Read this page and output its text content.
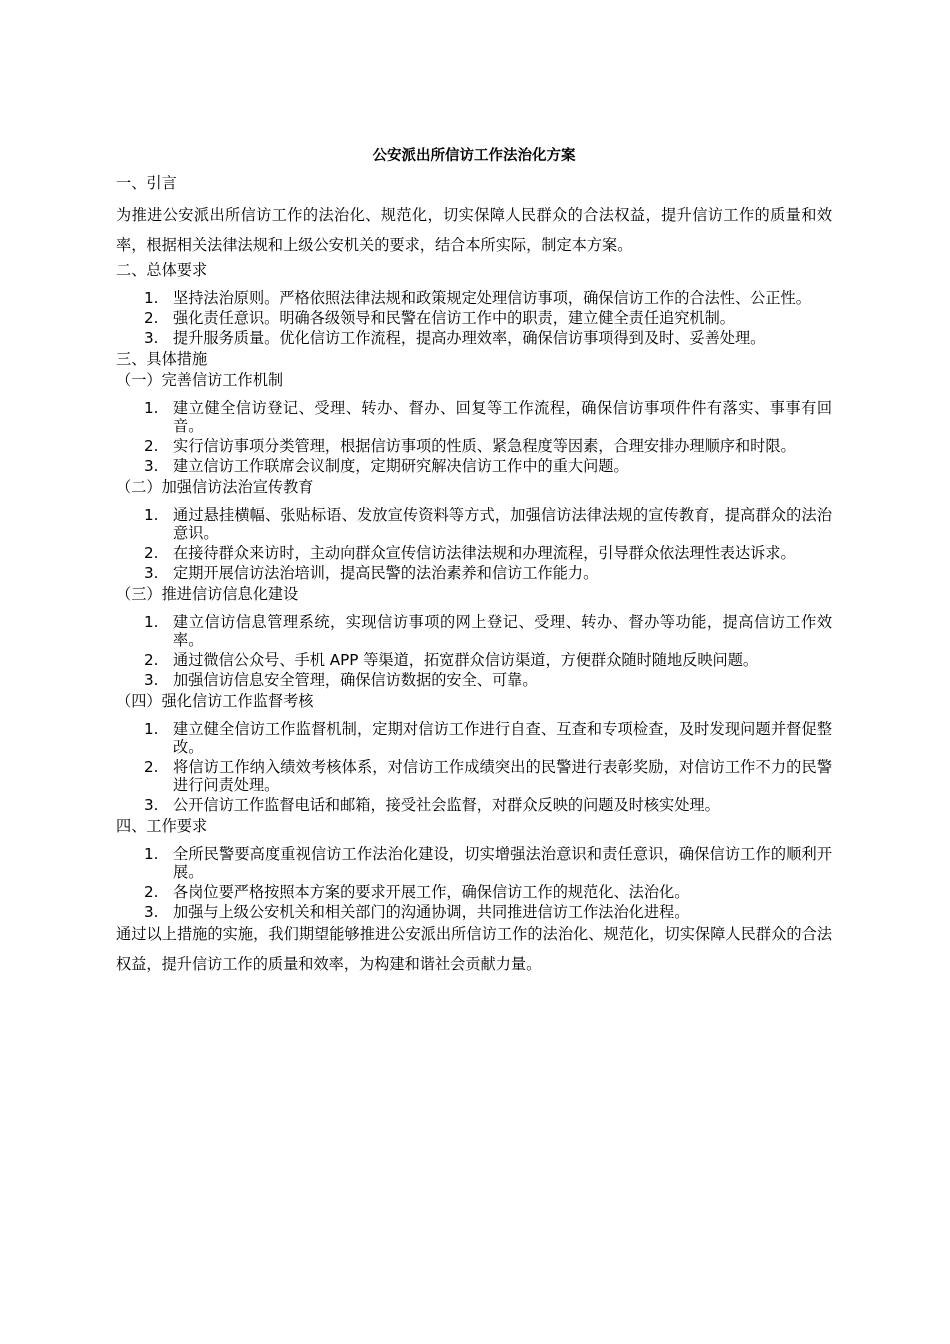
公安派出所信访工作法治化方案
一、引言

为推进公安派出所信访工作的法治化、规范化，切实保障人民群众的合法权益，提升信访工作的质量和效率，根据相关法律法规和上级公安机关的要求，结合本所实际，制定本方案。

二、总体要求
1. 坚持法治原则。严格依照法律法规和政策规定处理信访事项，确保信访工作的合法性、公正性。
2. 强化责任意识。明确各级领导和民警在信访工作中的职责，建立健全责任追究机制。
3. 提升服务质量。优化信访工作流程，提高办理效率，确保信访事项得到及时、妥善处理。
三、具体措施
（一）完善信访工作机制
1. 建立健全信访登记、受理、转办、督办、回复等工作流程，确保信访事项件件有落实、事事有回音。
2. 实行信访事项分类管理，根据信访事项的性质、紧急程度等因素，合理安排办理顺序和时限。
3. 建立信访工作联席会议制度，定期研究解决信访工作中的重大问题。
（二）加强信访法治宣传教育
1. 通过悬挂横幅、张贴标语、发放宣传资料等方式，加强信访法律法规的宣传教育，提高群众的法治意识。
2. 在接待群众来访时，主动向群众宣传信访法律法规和办理流程，引导群众依法理性表达诉求。
3. 定期开展信访法治培训，提高民警的法治素养和信访工作能力。
（三）推进信访信息化建设
1. 建立信访信息管理系统，实现信访事项的网上登记、受理、转办、督办等功能，提高信访工作效率。
2. 通过微信公众号、手机 APP 等渠道，拓宽群众信访渠道，方便群众随时随地反映问题。
3. 加强信访信息安全管理，确保信访数据的安全、可靠。
（四）强化信访工作监督考核
1. 建立健全信访工作监督机制，定期对信访工作进行自查、互查和专项检查，及时发现问题并督促整改。
2. 将信访工作纳入绩效考核体系，对信访工作成绩突出的民警进行表彰奖励，对信访工作不力的民警进行问责处理。
3. 公开信访工作监督电话和邮箱，接受社会监督，对群众反映的问题及时核实处理。
四、工作要求
1. 全所民警要高度重视信访工作法治化建设，切实增强法治意识和责任意识，确保信访工作的顺利开展。
2. 各岗位要严格按照本方案的要求开展工作，确保信访工作的规范化、法治化。
3. 加强与上级公安机关和相关部门的沟通协调，共同推进信访工作法治化进程。

通过以上措施的实施，我们期望能够推进公安派出所信访工作的法治化、规范化，切实保障人民群众的合法权益，提升信访工作的质量和效率，为构建和谐社会贡献力量。
